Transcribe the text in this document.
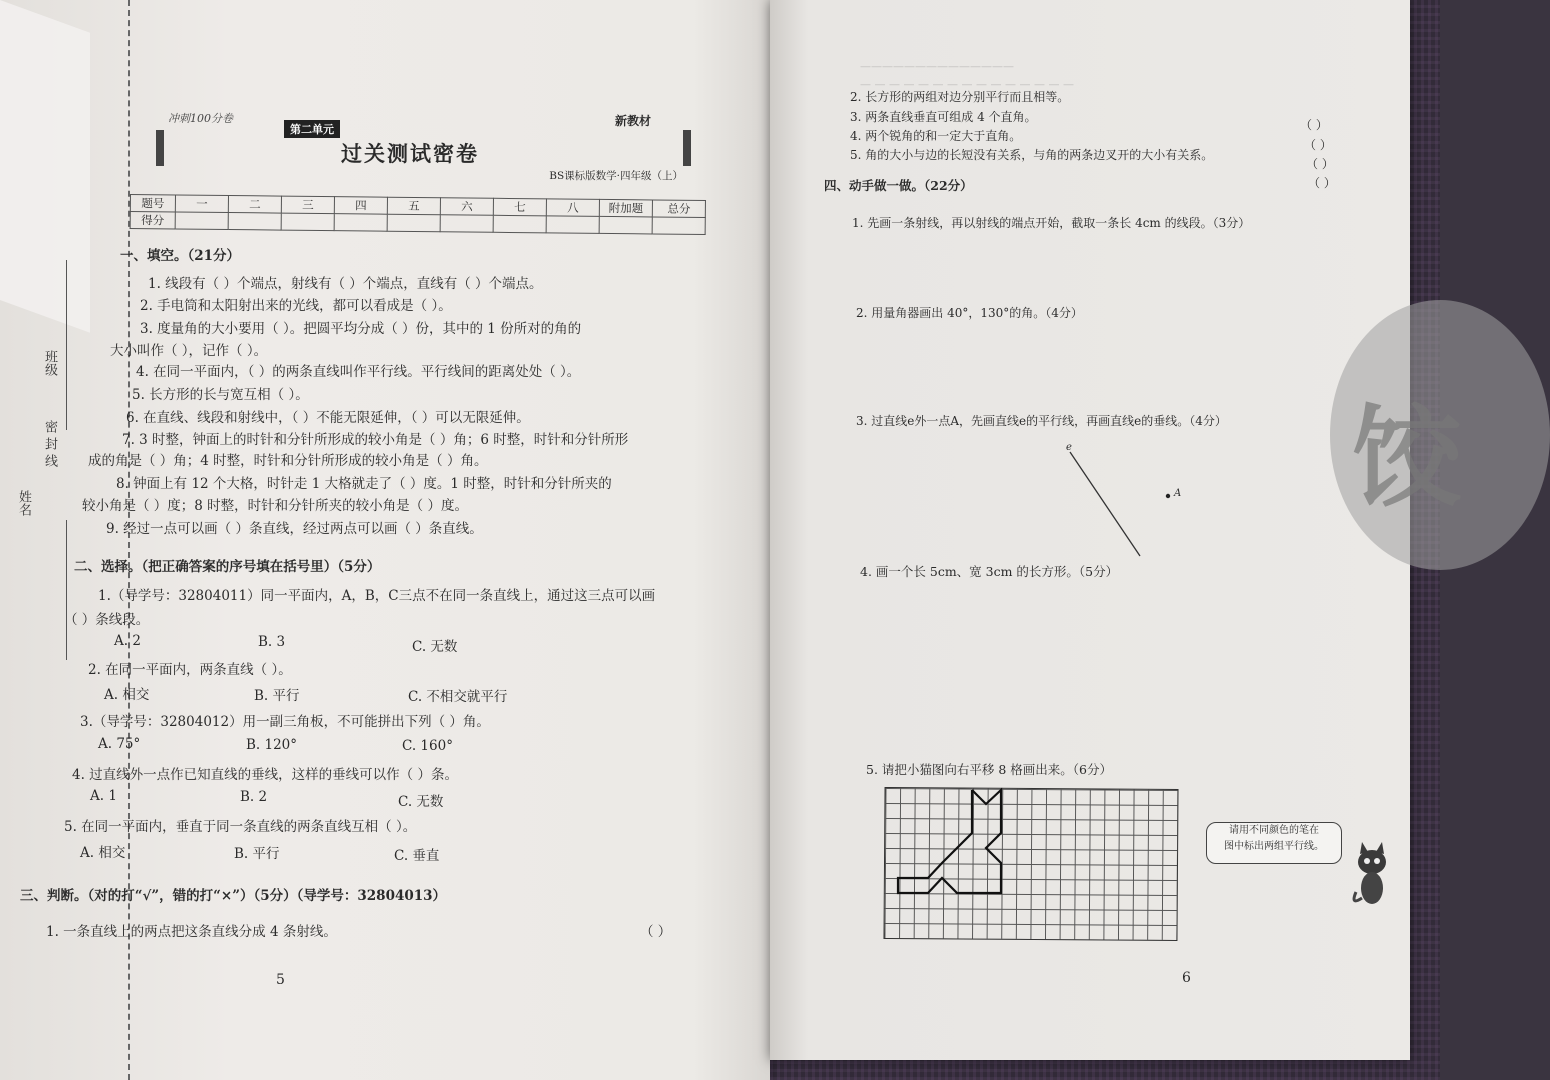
班级
密 封 线
姓名
冲刺100分卷
第二单元
新教材
过关测试密卷
BS课标版数学·四年级（上）
题号	一	二	三	四	五	六	七	八	附加题	总分
得分										
一、填空。（21分）
1. 线段有（ ）个端点，射线有（ ）个端点，直线有（ ）个端点。
2. 手电筒和太阳射出来的光线，都可以看成是（ ）。
3. 度量角的大小要用（ ）。把圆平均分成（ ）份，其中的 1 份所对的角的
大小叫作（ ），记作（ ）。
4. 在同一平面内，（ ）的两条直线叫作平行线。平行线间的距离处处（ ）。
5. 长方形的长与宽互相（ ）。
6. 在直线、线段和射线中，（ ）不能无限延伸，（ ）可以无限延伸。
7. 3 时整，钟面上的时针和分针所形成的较小角是（ ）角；6 时整，时针和分针所形
成的角是（ ）角；4 时整，时针和分针所形成的较小角是（ ）角。
8. 钟面上有 12 个大格，时针走 1 大格就走了（ ）度。1 时整，时针和分针所夹的
较小角是（ ）度；8 时整，时针和分针所夹的较小角是（ ）度。
9. 经过一点可以画（ ）条直线，经过两点可以画（ ）条直线。
二、选择。（把正确答案的序号填在括号里）（5分）
1.（导学号：32804011）同一平面内，A，B，C三点不在同一条直线上，通过这三点可以画
（ ）条线段。
A. 2	B. 3	C. 无数
2. 在同一平面内，两条直线（ ）。
A. 相交	B. 平行	C. 不相交就平行
3.（导学号：32804012）用一副三角板，不可能拼出下列（ ）角。
A. 75°	B. 120°	C. 160°
4. 过直线外一点作已知直线的垂线，这样的垂线可以作（ ）条。
A. 1	B. 2	C. 无数
5. 在同一平面内，垂直于同一条直线的两条直线互相（ ）。
A. 相交	B. 平行	C. 垂直
三、判断。（对的打“√”，错的打“×”）（5分）（导学号：32804013）
1. 一条直线上的两点把这条直线分成 4 条射线。	（ ）
5
——————————————
— — — — — — — — — — — — — — —
饺
2. 长方形的两组对边分别平行而且相等。
3. 两条直线垂直可组成 4 个直角。
4. 两个锐角的和一定大于直角。
5. 角的大小与边的长短没有关系，与角的两条边叉开的大小有关系。
（ ）
（ ）
（ ）
（ ）
四、动手做一做。（22分）
1. 先画一条射线，再以射线的端点开始，截取一条长 4cm 的线段。（3分）
2. 用量角器画出 40°，130°的角。（4分）
3. 过直线e外一点A，先画直线e的平行线，再画直线e的垂线。（4分）
e
A
4. 画一个长 5cm、宽 3cm 的长方形。（5分）
5. 请把小猫图向右平移 8 格画出来。（6分）
请用不同颜色的笔在
图中标出两组平行线。
6
